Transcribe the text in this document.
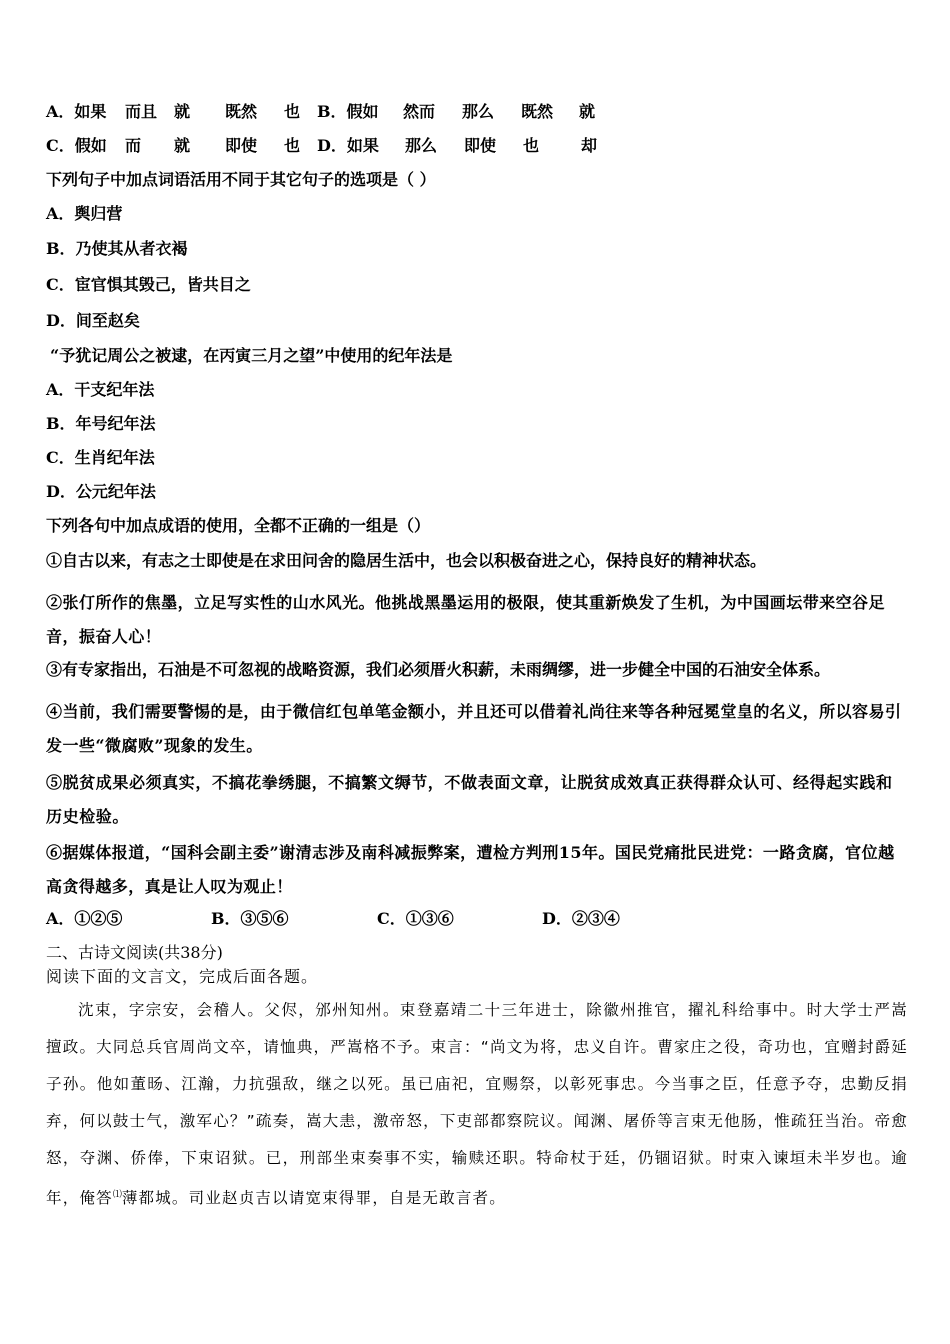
A．如果 而且 就 既然 也 B．假如 然而 那么 既然 就
C．假如 而 就 即使 也 D．如果 那么 即使 也	却
下列句子中加点词语活用不同于其它句子的选项是（ ）
A．舆归营
B．乃使其从者衣褐
C．宦官惧其毁己，皆共目之
D．间至赵矣
“予犹记周公之被逮，在丙寅三月之望”中使用的纪年法是
A．干支纪年法
B．年号纪年法
C．生肖纪年法
D．公元纪年法
下列各句中加点成语的使用，全都不正确的一组是（）
①自古以来，有志之士即使是在求田问舍的隐居生活中，也会以积极奋进之心，保持良好的精神状态。
②张仃所作的焦墨，立足写实性的山水风光。他挑战黑墨运用的极限，使其重新焕发了生机，为中国画坛带来空谷足音，振奋人心！
③有专家指出，石油是不可忽视的战略资源，我们必须厝火积薪，未雨绸缪，进一步健全中国的石油安全体系。
④当前，我们需要警惕的是，由于微信红包单笔金额小，并且还可以借着礼尚往来等各种冠冕堂皇的名义，所以容易引发一些“微腐败”现象的发生。
⑤脱贫成果必须真实，不搞花拳绣腿，不搞繁文缛节，不做表面文章，让脱贫成效真正获得群众认可、经得起实践和历史检验。
⑥据媒体报道，“国科会副主委”谢清志涉及南科减振弊案，遭检方判刑15年。国民党痛批民进党：一路贪腐，官位越高贪得越多，真是让人叹为观止！
A．①②⑤	B．③⑤⑥	C．①③⑥	D．②③④
二、古诗文阅读(共38分)
阅读下面的文言文，完成后面各题。
沈束，字宗安，会稽人。父侭，邠州知州。束登嘉靖二十三年进士，除徽州推官，擢礼科给事中。时大学士严嵩擅政。大同总兵官周尚文卒，请恤典，严嵩格不予。束言：“尚文为将，忠义自许。曹家庄之役，奇功也，宜赠封爵延子孙。他如董旸、江瀚，力抗强敌，继之以死。虽已庙祀，宜赐祭，以彰死事忠。今当事之臣，任意予夺，忠勤反捐弃，何以鼓士气，激军心？”疏奏，嵩大恚，激帝怒，下吏部都察院议。闻渊、屠侨等言束无他肠，惟疏狂当治。帝愈怒，夺渊、侨俸，下束诏狱。已，刑部坐束奏事不实，输赎还职。特命杖于廷，仍锢诏狱。时束入谏垣未半岁也。逾年，俺答⑴薄都城。司业赵贞吉以请宽束得罪，自是无敢言者。
